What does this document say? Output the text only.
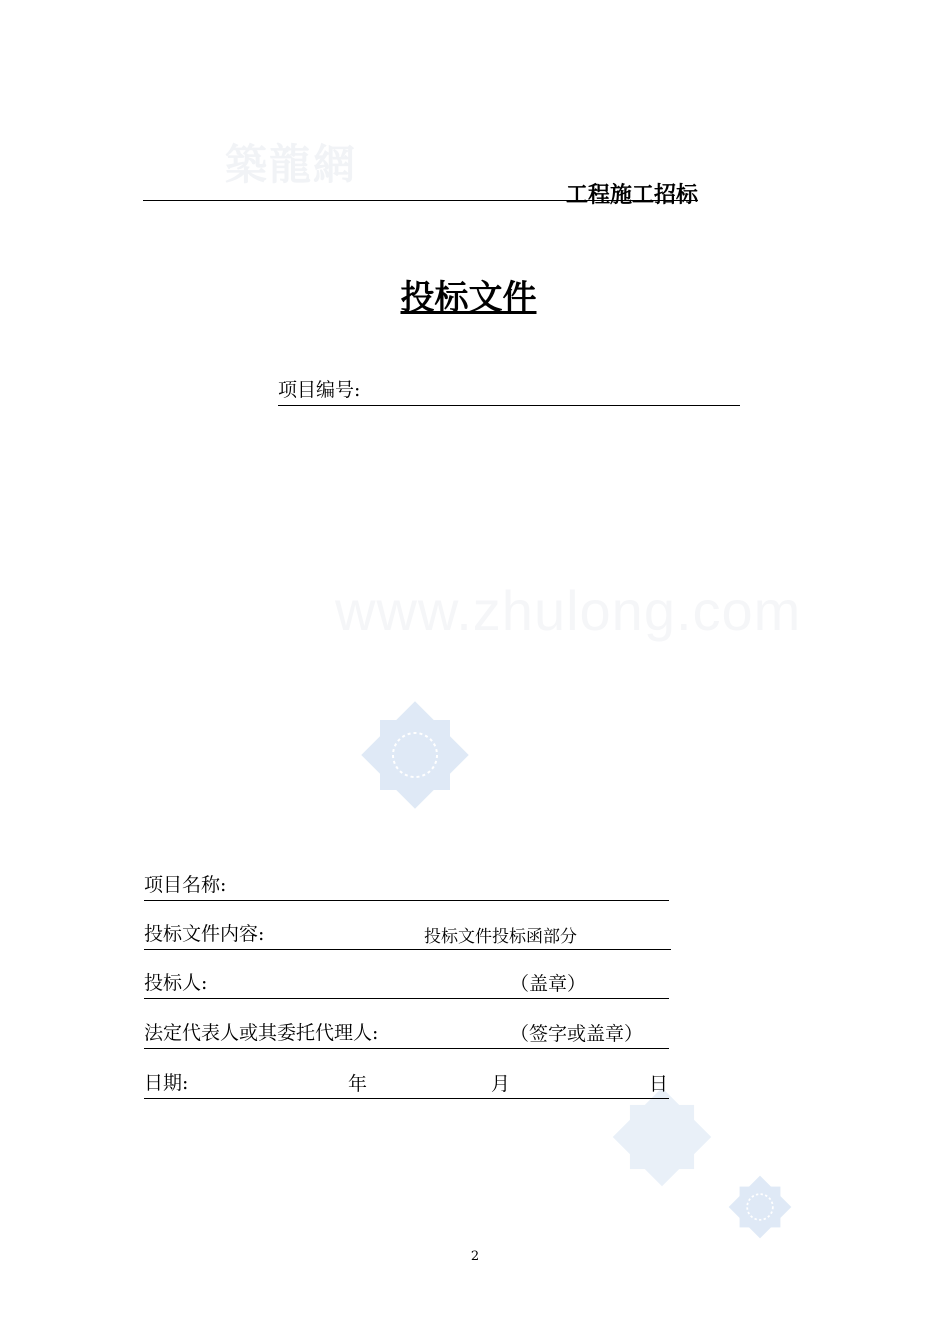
築龍網
www.zhulong.com
工程施工招标
投标文件
项目编号:
项目名称:
投标文件内容:	投标文件投标函部分
投标人:	（盖章）
法定代表人或其委托代理人:	（签字或盖章）
日期:	年	月	日
2
